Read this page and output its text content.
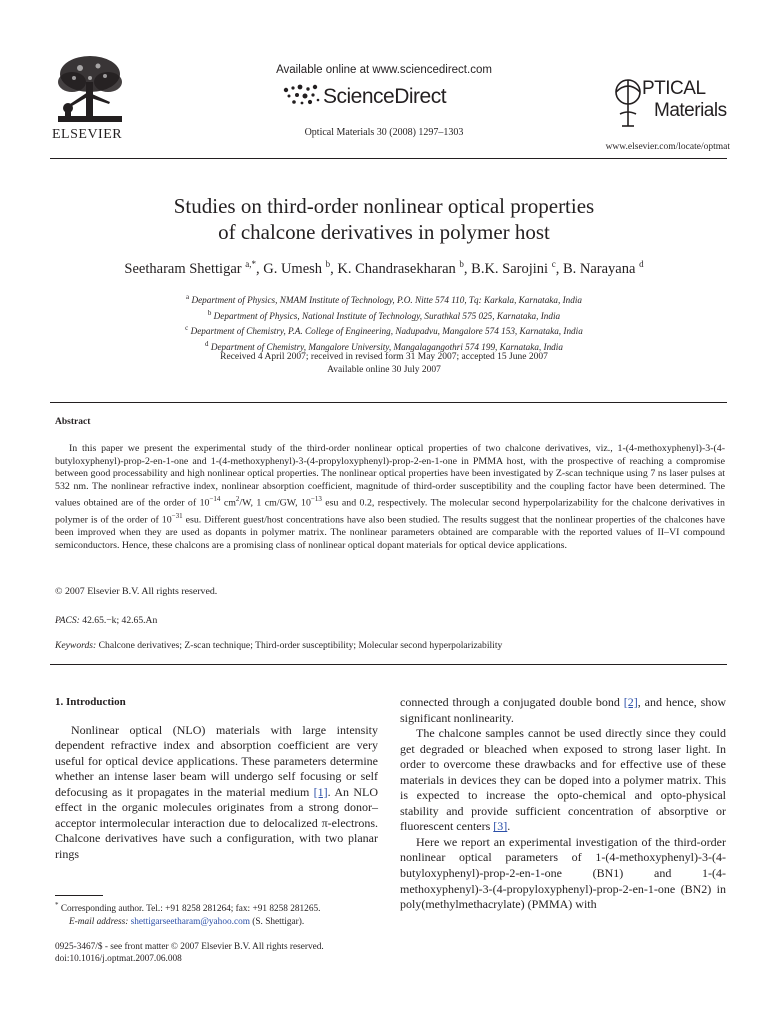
ELSEVIER
Available online at www.sciencedirect.com
ScienceDirect
Optical Materials 30 (2008) 1297–1303
PTICAL
Materials
www.elsevier.com/locate/optmat
Studies on third-order nonlinear optical properties
of chalcone derivatives in polymer host
Seetharam Shettigar $^{a,*}$, G. Umesh $^b$, K. Chandrasekharan $^b$, B.K. Sarojini $^c$, B. Narayana $^d$
$^a$ Department of Physics, NMAM Institute of Technology, P.O. Nitte 574 110, Tq: Karkala, Karnataka, India
$^b$ Department of Physics, National Institute of Technology, Surathkal 575 025, Karnataka, India
$^c$ Department of Chemistry, P.A. College of Engineering, Nadupadvu, Mangalore 574 153, Karnataka, India
$^d$ Department of Chemistry, Mangalore University, Mangalagangothri 574 199, Karnataka, India
Received 4 April 2007; received in revised form 31 May 2007; accepted 15 June 2007
Available online 30 July 2007
Abstract

In this paper we present the experimental study of the third-order nonlinear optical properties of two chalcone derivatives, viz., 1-(4-methoxyphenyl)-3-(4-butyloxyphenyl)-prop-2-en-1-one and 1-(4-methoxyphenyl)-3-(4-propyloxyphenyl)-prop-2-en-1-one in PMMA host, with the prospective of reaching a compromise between good processability and high nonlinear optical properties. The nonlinear optical properties have been investigated by Z-scan technique using 7 ns laser pulses at 532 nm. The nonlinear refractive index, nonlinear absorption coefficient, magnitude of third-order susceptibility and the coupling factor have been determined. The values obtained are of the order of $10^{-14}$ $cm^2/W$, 1 cm/GW, $10^{-13}$ esu and 0.2, respectively. The molecular second hyperpolarizability for the chalcone derivatives in polymer is of the order of $10^{-31}$ esu. Different guest/host concentrations have also been studied. The results suggest that the nonlinear properties of the chalcones have been improved when they are used as dopants in polymer matrix. The nonlinear parameters obtained are comparable with the reported values of II–VI compound semiconductors. Hence, these chalcons are a promising class of nonlinear optical dopant materials for optical device applications.

© 2007 Elsevier B.V. All rights reserved.
PACS: 42.65.−k; 42.65.An
Keywords: Chalcone derivatives; Z-scan technique; Third-order susceptibility; Molecular second hyperpolarizability

1. Introduction

Nonlinear optical (NLO) materials with large intensity dependent refractive index and absorption coefficient are very useful for optical device applications. These parameters determine whether an intense laser beam will undergo self focusing or self defocusing as it propagates in the material medium [1]. An NLO effect in the organic molecules originates from a strong donor–acceptor intermolecular interaction due to delocalized π-electrons. Chalcone derivatives have such a configuration, with two planar rings

connected through a conjugated double bond [2], and hence, show significant nonlinearity.

The chalcone samples cannot be used directly since they could get degraded or bleached when exposed to strong laser light. In order to overcome these drawbacks and for effective use of these materials in devices they can be doped into a polymer matrix. This is expected to increase the opto-chemical and opto-physical stability and provide sufficient concentration of absorptive or fluorescent centers [3].

Here we report an experimental investigation of the third-order nonlinear optical parameters of 1-(4-methoxyphenyl)-3-(4-butyloxyphenyl)-prop-2-en-1-one (BN1) and 1-(4-methoxyphenyl)-3-(4-propyloxyphenyl)-prop-2-en-1-one (BN2) in poly(methylmethacrylate) (PMMA) with

* Corresponding author. Tel.: +91 8258 281264; fax: +91 8258 281265.
E-mail address: shettigarseetharam@yahoo.com (S. Shettigar).
0925-3467/$ - see front matter © 2007 Elsevier B.V. All rights reserved.
doi:10.1016/j.optmat.2007.06.008
